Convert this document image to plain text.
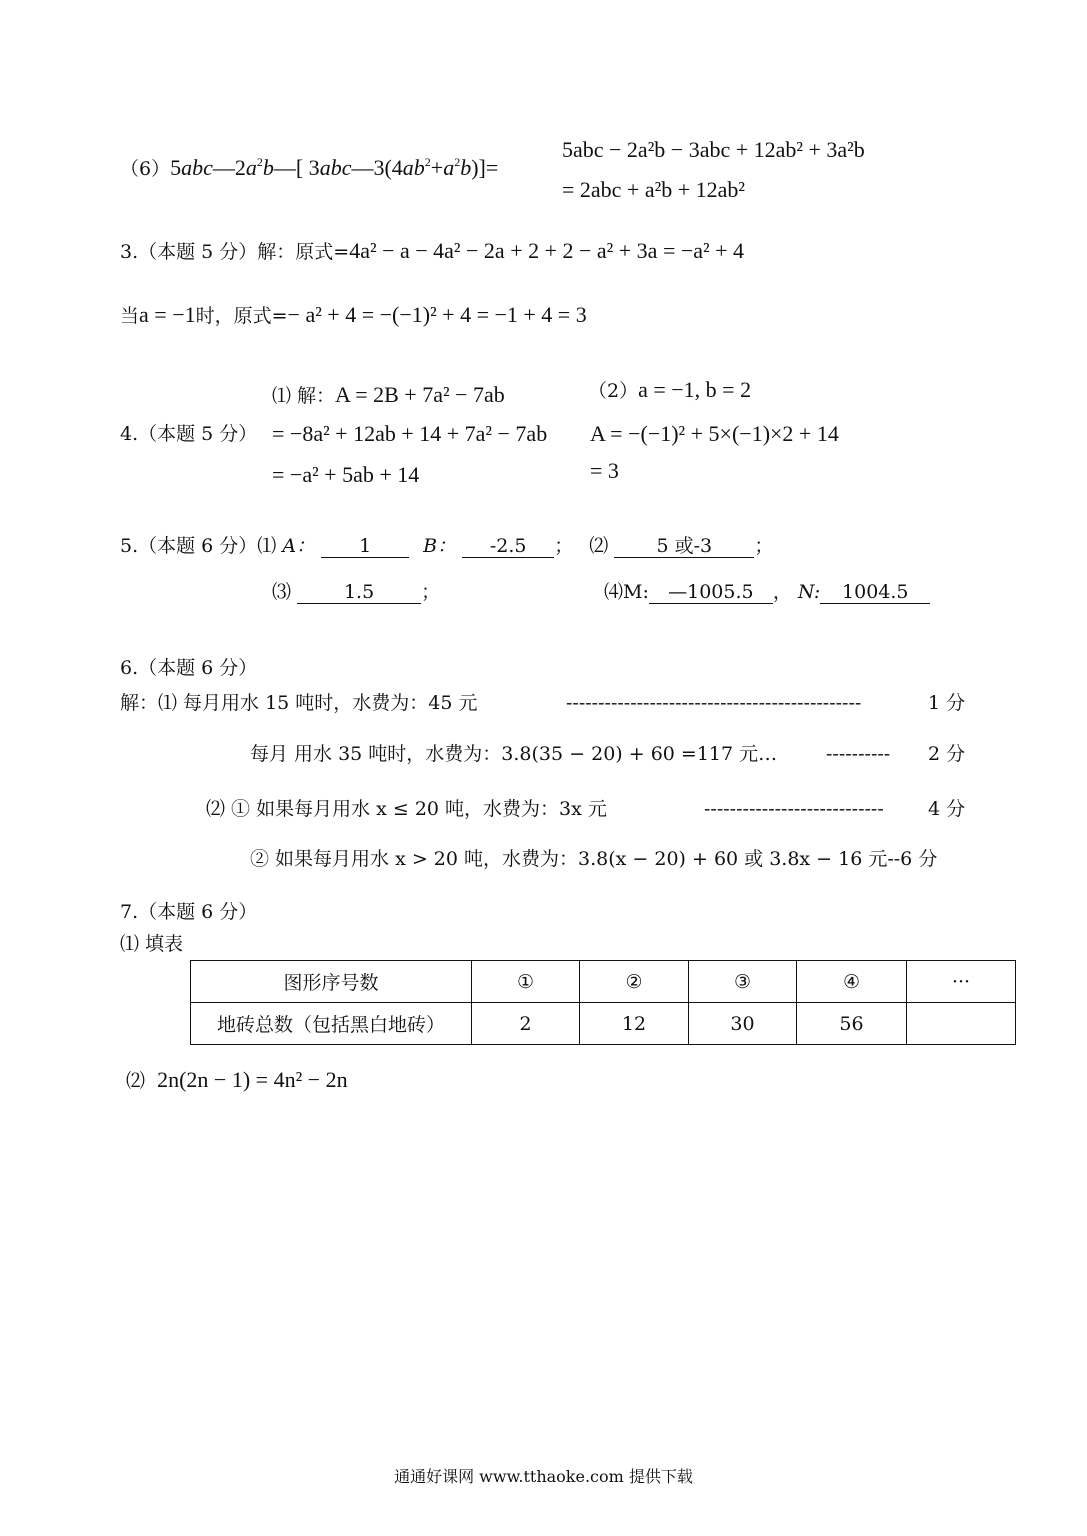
$(6)5abc—2a^2b—$[ $3abc—3(4ab^2+a^2b)]=$
5abc − 2a²b − 3abc + 12ab² + 3a²b
= 2abc + a²b + 12ab²
3.（本题 5 分）解：原式=4a² − a − 4a² − 2a + 2 + 2 − a² + 3a = −a² + 4
当a = −1时，原式=− a² + 4 = −(−1)² + 4 = −1 + 4 = 3
4.（本题 5 分）
⑴ 解：A = 2B + 7a² − 7ab
= −8a² + 12ab + 14 + 7a² − 7ab
= −a² + 5ab + 14
（2）a = −1, b = 2
A = −(−1)² + 5×(−1)×2 + 14
= 3
5.（本题 6 分）⑴ A： 1	B： -2.5 ； ⑵	5 或-3 ；
⑶	1.5 ；	⑷M: —1005.5 ， N: 1004.5
6.（本题 6 分）
解：⑴ 每月用水 15 吨时，水费为：45 元	----------------------------------------------	1 分
每月 用水 35 吨时，水费为：3.8(35 − 20) + 60 =117 元…	---------- 2 分
⑵ ① 如果每月用水 x ≤ 20 吨，水费为：3x 元	---------------------------- 4 分
② 如果每月用水 x > 20 吨，水费为：3.8(x − 20) + 60 或 3.8x − 16 元--6 分
7.（本题 6 分）
⑴ 填表
图形序号数	①	②	③	④	···
地砖总数（包括黑白地砖）	2	12	30	56	
⑵ 2n(2n − 1) = 4n² − 2n
通通好课网 www.tthaoke.com 提供下载
